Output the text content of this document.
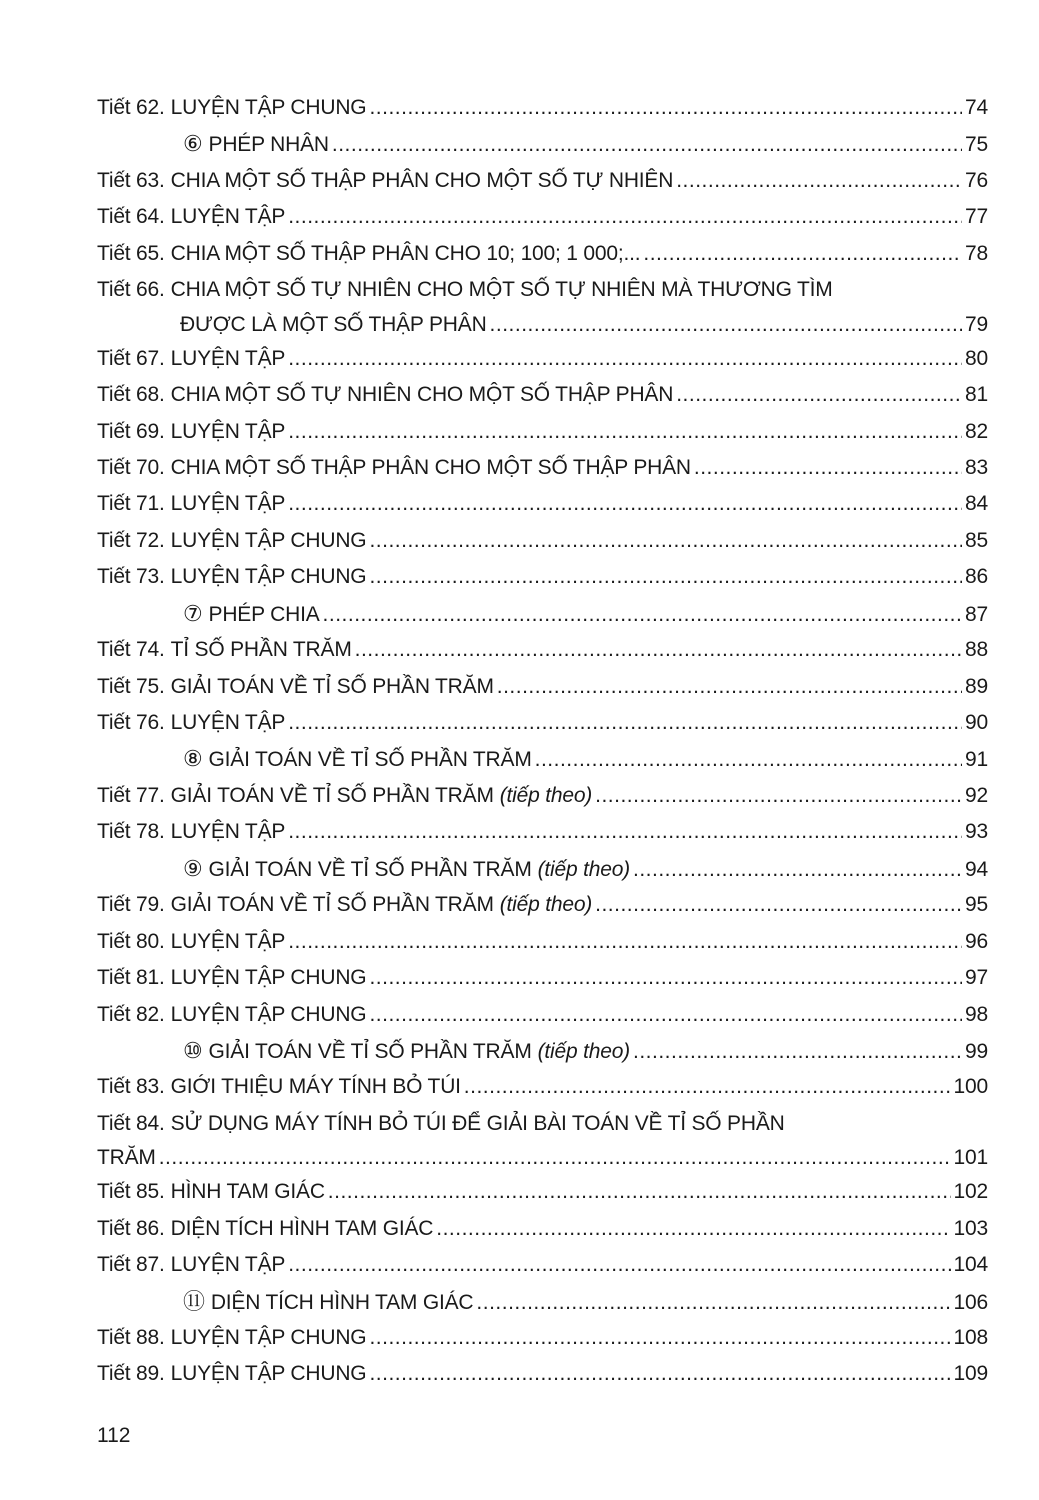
Tiết 62. LUYỆN TẬP CHUNG .....	74
⑥ PHÉP NHÂN .....	75
Tiết 63. CHIA MỘT SỐ THẬP PHÂN CHO MỘT SỐ TỰ NHIÊN .....	76
Tiết 64. LUYỆN TẬP .....	77
Tiết 65. CHIA MỘT SỐ THẬP PHÂN CHO 10; 100; 1 000;... .....	78
Tiết 66. CHIA MỘT SỐ TỰ NHIÊN CHO MỘT SỐ TỰ NHIÊN MÀ THƯƠNG TÌM
ĐƯỢC LÀ MỘT SỐ THẬP PHÂN .....	79
Tiết 67. LUYỆN TẬP .....	80
Tiết 68. CHIA MỘT SỐ TỰ NHIÊN CHO MỘT SỐ THẬP PHÂN .....	81
Tiết 69. LUYỆN TẬP .....	82
Tiết 70. CHIA MỘT SỐ THẬP PHÂN CHO MỘT SỐ THẬP PHÂN .....	83
Tiết 71. LUYỆN TẬP .....	84
Tiết 72. LUYỆN TẬP CHUNG .....	85
Tiết 73. LUYỆN TẬP CHUNG .....	86
⑦ PHÉP CHIA .....	87
Tiết 74. TỈ SỐ PHẦN TRĂM .....	88
Tiết 75. GIẢI TOÁN VỀ TỈ SỐ PHẦN TRĂM .....	89
Tiết 76. LUYỆN TẬP .....	90
⑧ GIẢI TOÁN VỀ TỈ SỐ PHẦN TRĂM .....	91
Tiết 77. GIẢI TOÁN VỀ TỈ SỐ PHẦN TRĂM (tiếp theo) .....	92
Tiết 78. LUYỆN TẬP .....	93
⑨ GIẢI TOÁN VỀ TỈ SỐ PHẦN TRĂM (tiếp theo) .....	94
Tiết 79. GIẢI TOÁN VỀ TỈ SỐ PHẦN TRĂM (tiếp theo) .....	95
Tiết 80. LUYỆN TẬP .....	96
Tiết 81. LUYỆN TẬP CHUNG .....	97
Tiết 82. LUYỆN TẬP CHUNG .....	98
⑩ GIẢI TOÁN VỀ TỈ SỐ PHẦN TRĂM (tiếp theo) .....	99
Tiết 83. GIỚI THIỆU MÁY TÍNH BỎ TÚI .....	100
Tiết 84. SỬ DỤNG MÁY TÍNH BỎ TÚI ĐỂ GIẢI BÀI TOÁN VỀ TỈ SỐ PHẦN
TRĂM .....	101
Tiết 85. HÌNH TAM GIÁC .....	102
Tiết 86. DIỆN TÍCH HÌNH TAM GIÁC .....	103
Tiết 87. LUYỆN TẬP .....	104
⑪ DIỆN TÍCH HÌNH TAM GIÁC .....	106
Tiết 88. LUYỆN TẬP CHUNG .....	108
Tiết 89. LUYỆN TẬP CHUNG .....	109
112
